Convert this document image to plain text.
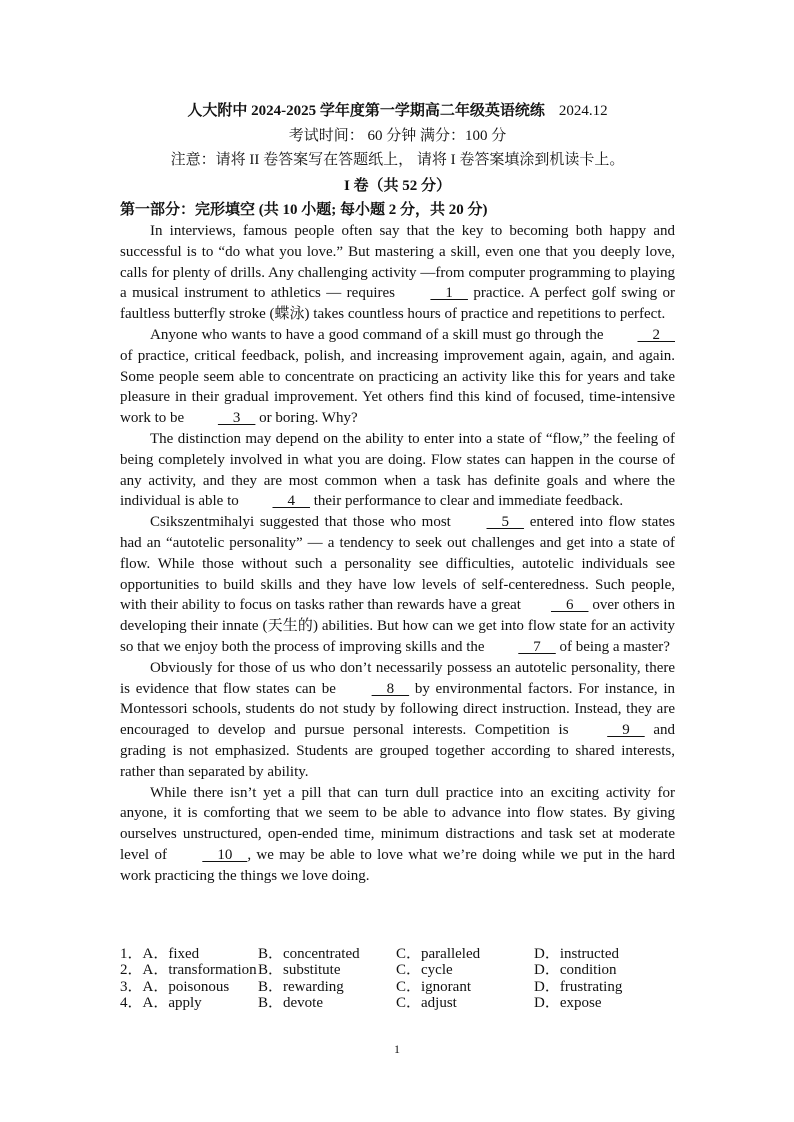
人大附中 2024-2025 学年度第一学期高二年级英语统练 2024.12
考试时间： 60 分钟 满分：100 分
注意：请将 II 卷答案写在答题纸上， 请将 I 卷答案填涂到机读卡上。
I 卷（共 52 分）
第一部分：完形填空 (共 10 小题; 每小题 2 分，共 20 分)

In interviews, famous people often say that the key to becoming both happy and successful is to “do what you love.” But mastering a skill, even one that you deeply love, calls for plenty of drills. Any challenging activity —from computer programming to playing a musical instrument to athletics — requires     1     practice. A perfect golf swing or faultless butterfly stroke (蝶泳) takes countless hours of practice and repetitions to perfect.

Anyone who wants to have a good command of a skill must go through the     2     of practice, critical feedback, polish, and increasing improvement again, again, and again. Some people seem able to concentrate on practicing an activity like this for years and take pleasure in their gradual improvement. Yet others find this kind of focused, time-intensive work to be     3     or boring. Why?

The distinction may depend on the ability to enter into a state of “flow,” the feeling of being completely involved in what you are doing. Flow states can happen in the course of any activity, and they are most common when a task has definite goals and where the individual is able to     4     their performance to clear and immediate feedback.

Csikszentmihalyi suggested that those who most     5     entered into flow states had an “autotelic personality” — a tendency to seek out challenges and get into a state of flow. While those without such a personality see difficulties, autotelic individuals see opportunities to build skills and they have low levels of self-centeredness. Such people, with their ability to focus on tasks rather than rewards have a great    6     over others in developing their innate (天生的) abilities. But how can we get into flow state for an activity so that we enjoy both the process of improving skills and the     7     of being a master?

Obviously for those of us who don’t necessarily possess an autotelic personality, there is evidence that flow states can be     8     by environmental factors. For instance, in Montessori schools, students do not study by following direct instruction. Instead, they are encouraged to develop and pursue personal interests. Competition is     9     and grading is not emphasized. Students are grouped together according to shared interests, rather than separated by ability.

While there isn’t yet a pill that can turn dull practice into an exciting activity for anyone, it is comforting that we seem to be able to advance into flow states. By giving ourselves unstructured, open-ended time, minimum distractions and task set at moderate level of     10    , we may be able to love what we’re doing while we put in the hard work practicing the things we love doing.

1．A．fixed	B．concentrated C．paralleled	D．instructed
2．A．transformation B．substitute	C．cycle	D．condition
3．A．poisonous B．rewarding	C．ignorant	D．frustrating
4．A．apply	B．devote	C．adjust	D．expose
1
